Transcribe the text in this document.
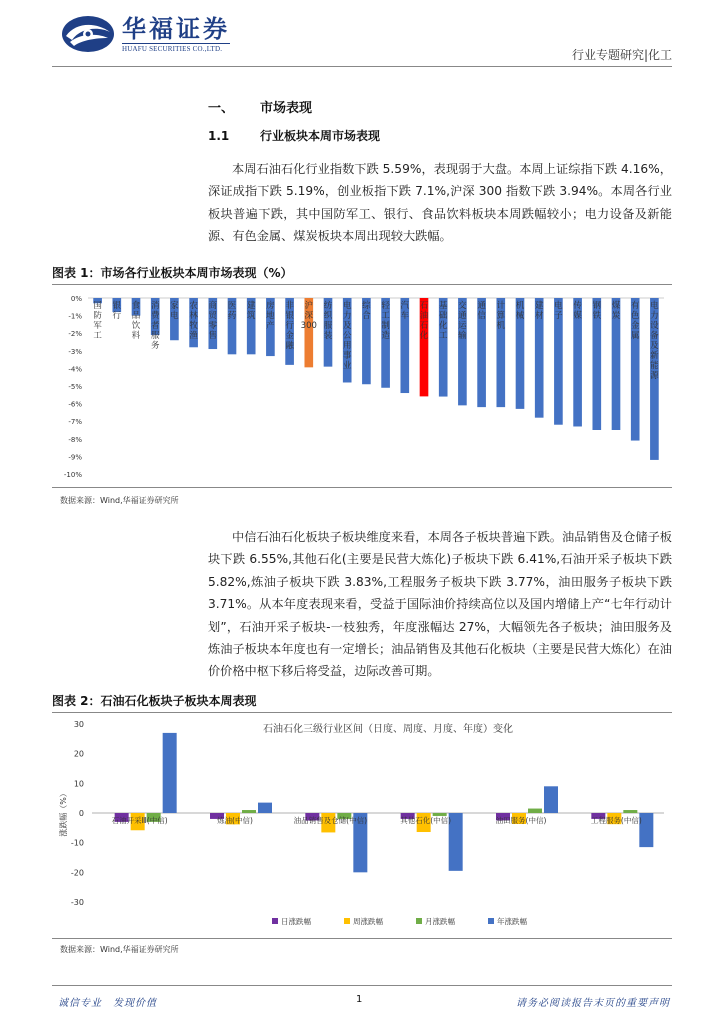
华福证券
HUAFU SECURITIES CO.,LTD.	行业专题研究|化工
一、 市场表现
1.1	行业板块本周市场表现

本周石油石化行业指数下跌 5.59%，表现弱于大盘。本周上证综指下跌 4.16%，深证成指下跌 5.19%，创业板指下跌 7.1%,沪深 300 指数下跌 3.94%。本周各行业板块普遍下跌，其中国防军工、银行、食品饮料板块本周跌幅较小；电力设备及新能源、有色金属、煤炭板块本周出现较大跌幅。

图表 1：市场各行业板块本周市场表现（%）
0%
-1%
-2%
-3%
-4%
-5%
-6%
-7%
-8%
-9%
-10%
国防军工
银行
食品饮料
消费者服务
家电
农林牧渔
商贸零售
医药
建筑
房地产
非银行金融
沪深 300
纺织服装
电力及公用事业
综合
轻工制造
汽车
石油石化
基础化工
交通运输
通信
计算机
机械
建材
电子
传媒
钢铁
煤炭
有色金属
电力设备及新能源
数据来源：Wind,华福证券研究所

中信石油石化板块子板块维度来看，本周各子板块普遍下跌。油品销售及仓储子板块下跌 6.55%,其他石化(主要是民营大炼化)子板块下跌 6.41%,石油开采子板块下跌 5.82%,炼油子板块下跌 3.83%,工程服务子板块下跌 3.77%，油田服务子板块下跌 3.71%。从本年度表现来看，受益于国际油价持续高位以及国内增储上产“七年行动计划”，石油开采子板块-一枝独秀，年度涨幅达 27%，大幅领先各子板块；油田服务及炼油子板块本年度也有一定增长；油品销售及其他石化板块（主要是民营大炼化）在油价价格中枢下移后将受益，边际改善可期。

图表 2：石油石化板块子板块本周表现
石油石化三级行业区间（日度、周度、月度、年度）变化
30
20
10
0
-10
-20
-30
涨跌幅（%）	石油开采Ⅲ(中信)	炼油(中信)	油品销售及仓储(中信)	其他石化(中信)	油田服务(中信)	工程服务(中信)
日涨跌幅	周涨跌幅	月涨跌幅	年涨跌幅
数据来源：Wind,华福证券研究所
诚信专业　发现价值	1	请务必阅读报告末页的重要声明
